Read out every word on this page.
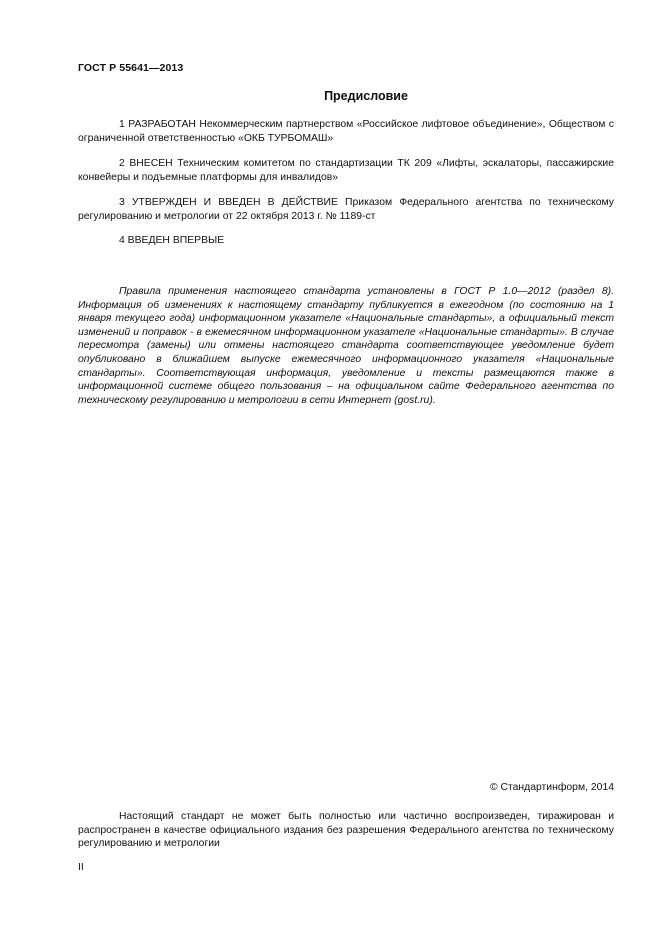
ГОСТ Р 55641—2013
Предисловие

1 РАЗРАБОТАН Некоммерческим партнерством «Российское лифтовое объединение», Обществом с ограниченной ответственностью «ОКБ ТУРБОМАШ»

2 ВНЕСЕН Техническим комитетом по стандартизации ТК 209 «Лифты, эскалаторы, пассажирские конвейеры и подъемные платформы для инвалидов»

3 УТВЕРЖДЕН И ВВЕДЕН В ДЕЙСТВИЕ Приказом Федерального агентства по техническому регулированию и метрологии от 22 октября 2013 г. № 1189-ст

4 ВВЕДЕН ВПЕРВЫЕ

Правила применения настоящего стандарта установлены в ГОСТ Р 1.0—2012 (раздел 8). Информация об изменениях к настоящему стандарту публикуется в ежегодном (по состоянию на 1 января текущего года) информационном указателе «Национальные стандарты», а официальный текст изменений и поправок - в ежемесячном информационном указателе «Национальные стандарты». В случае пересмотра (замены) или отмены настоящего стандарта соответствующее уведомление будет опубликовано в ближайшем выпуске ежемесячного информационного указателя «Национальные стандарты». Соответствующая информация, уведомление и тексты размещаются также в информационной системе общего пользования – на официальном сайте Федерального агентства по техническому регулированию и метрологии в сети Интернет (gost.ru).

© Стандартинформ, 2014

Настоящий стандарт не может быть полностью или частично воспроизведен, тиражирован и распространен в качестве официального издания без разрешения Федерального агентства по техническому регулированию и метрологии

II
